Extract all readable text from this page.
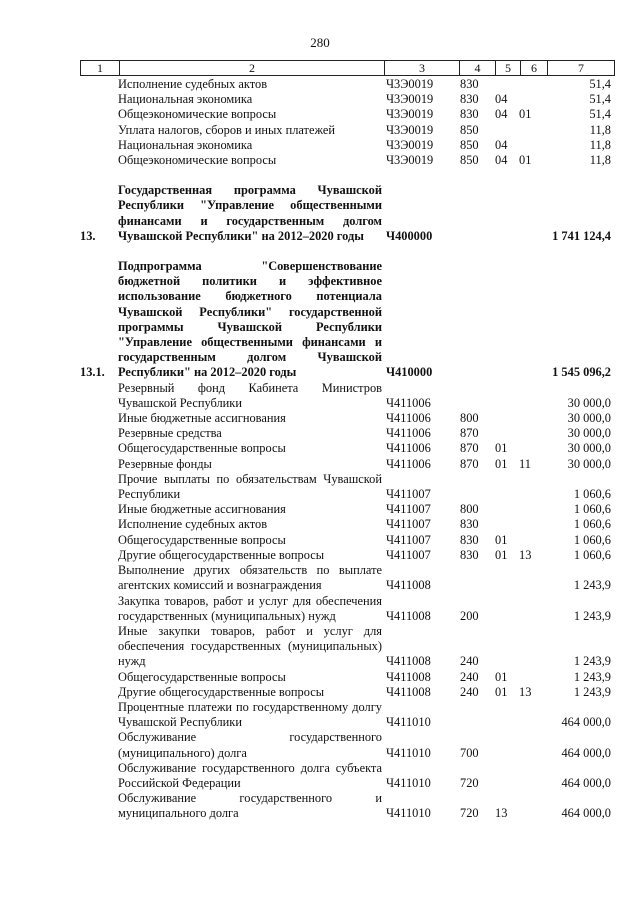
280
1	2	3	4	5	6	7
	Исполнение судебных актов	Ч3Э0019	830			51,4
	Национальная экономика	Ч3Э0019	830	04		51,4
	Общеэкономические вопросы	Ч3Э0019	830	04	01	51,4
	Уплата налогов, сборов и иных платежей	Ч3Э0019	850			11,8
	Национальная экономика	Ч3Э0019	850	04		11,8
	Общеэкономические вопросы	Ч3Э0019	850	04	01	11,8

13.	Государственная программа Чувашской Республики "Управление общественными финансами и государственным долгом Чувашской Республики" на 2012–2020 годы	Ч400000				1 741 124,4

13.1.	Подпрограмма "Совершенствование бюджетной политики и эффективное использование бюджетного потенциала Чувашской Республики" государственной программы Чувашской Республики "Управление общественными финансами и государственным долгом Чувашской Республики" на 2012–2020 годы	Ч410000				1 545 096,2
	Резервный фонд Кабинета Министров Чувашской Республики	Ч411006				30 000,0
	Иные бюджетные ассигнования	Ч411006	800			30 000,0
	Резервные средства	Ч411006	870			30 000,0
	Общегосударственные вопросы	Ч411006	870	01		30 000,0
	Резервные фонды	Ч411006	870	01	11	30 000,0
	Прочие выплаты по обязательствам Чувашской Республики	Ч411007				1 060,6
	Иные бюджетные ассигнования	Ч411007	800			1 060,6
	Исполнение судебных актов	Ч411007	830			1 060,6
	Общегосударственные вопросы	Ч411007	830	01		1 060,6
	Другие общегосударственные вопросы	Ч411007	830	01	13	1 060,6
	Выполнение других обязательств по выплате агентских комиссий и вознаграждения	Ч411008				1 243,9
	Закупка товаров, работ и услуг для обеспечения государственных (муниципальных) нужд	Ч411008	200			1 243,9
	Иные закупки товаров, работ и услуг для обеспечения государственных (муниципальных) нужд	Ч411008	240			1 243,9
	Общегосударственные вопросы	Ч411008	240	01		1 243,9
	Другие общегосударственные вопросы	Ч411008	240	01	13	1 243,9
	Процентные платежи по государственному долгу Чувашской Республики	Ч411010				464 000,0
	Обслуживание государственного (муниципального) долга	Ч411010	700			464 000,0
	Обслуживание государственного долга субъекта Российской Федерации	Ч411010	720			464 000,0
	Обслуживание государственного и муниципального долга	Ч411010	720	13		464 000,0
